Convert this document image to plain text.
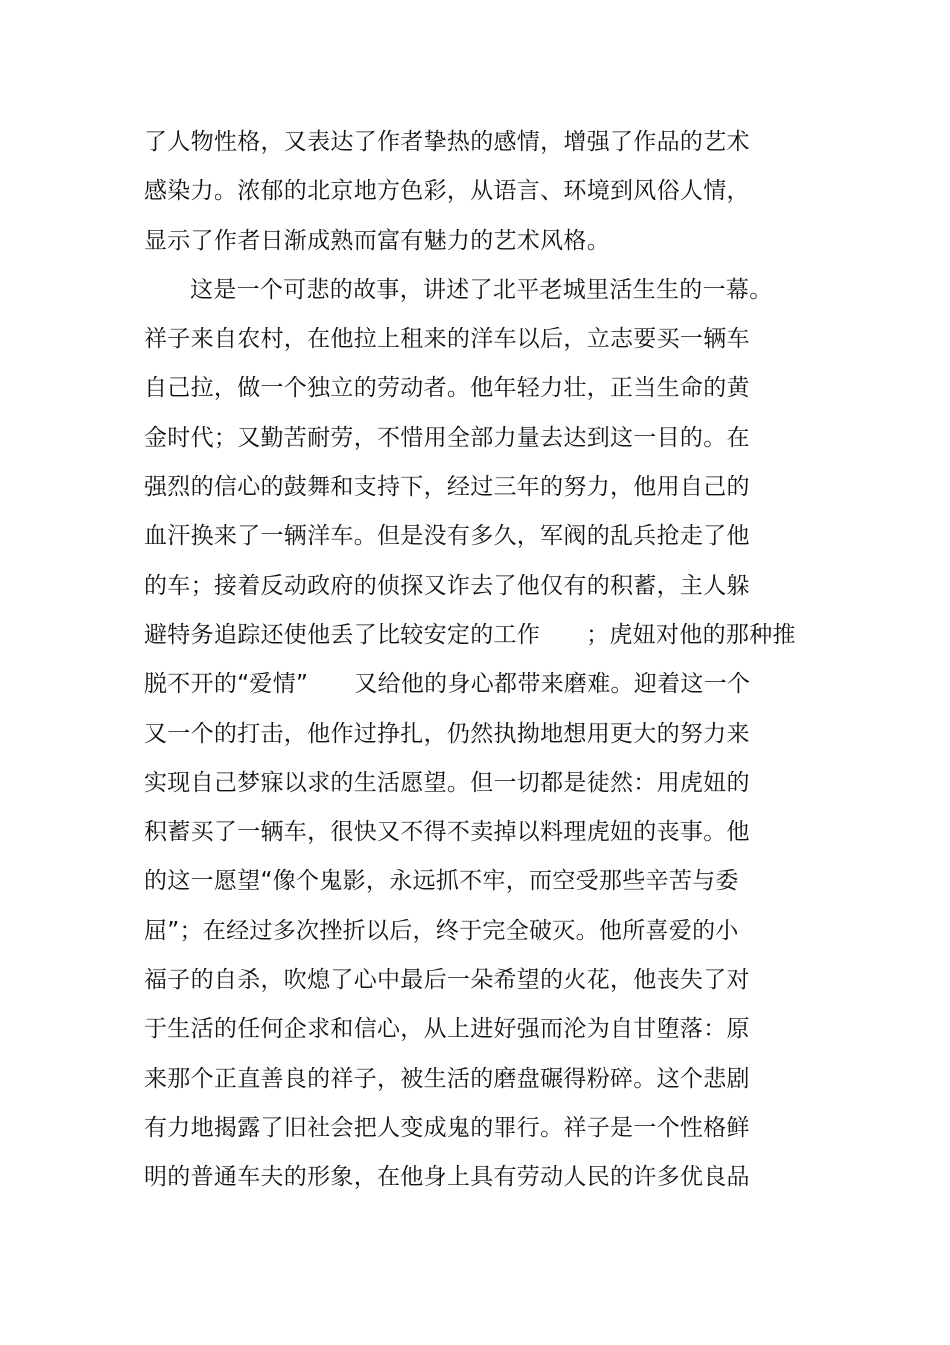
了人物性格，又表达了作者挚热的感情，增强了作品的艺术
感染力。浓郁的北京地方色彩，从语言、环境到风俗人情，
显示了作者日渐成熟而富有魅力的艺术风格。
这是一个可悲的故事，讲述了北平老城里活生生的一幕。
祥子来自农村，在他拉上租来的洋车以后，立志要买一辆车
自己拉，做一个独立的劳动者。他年轻力壮，正当生命的黄
金时代；又勤苦耐劳，不惜用全部力量去达到这一目的。在
强烈的信心的鼓舞和支持下，经过三年的努力，他用自己的
血汗换来了一辆洋车。但是没有多久，军阀的乱兵抢走了他
的车；接着反动政府的侦探又诈去了他仅有的积蓄，主人躲
避特务追踪还使他丢了比较安定的工作 ；虎妞对他的那种推
脱不开的“爱情” 又给他的身心都带来磨难。迎着这一个
又一个的打击，他作过挣扎，仍然执拗地想用更大的努力来
实现自己梦寐以求的生活愿望。但一切都是徒然：用虎妞的
积蓄买了一辆车，很快又不得不卖掉以料理虎妞的丧事。他
的这一愿望“像个鬼影，永远抓不牢，而空受那些辛苦与委
屈”；在经过多次挫折以后，终于完全破灭。他所喜爱的小
福子的自杀，吹熄了心中最后一朵希望的火花，他丧失了对
于生活的任何企求和信心，从上进好强而沦为自甘堕落：原
来那个正直善良的祥子，被生活的磨盘碾得粉碎。这个悲剧
有力地揭露了旧社会把人变成鬼的罪行。祥子是一个性格鲜
明的普通车夫的形象，在他身上具有劳动人民的许多优良品
